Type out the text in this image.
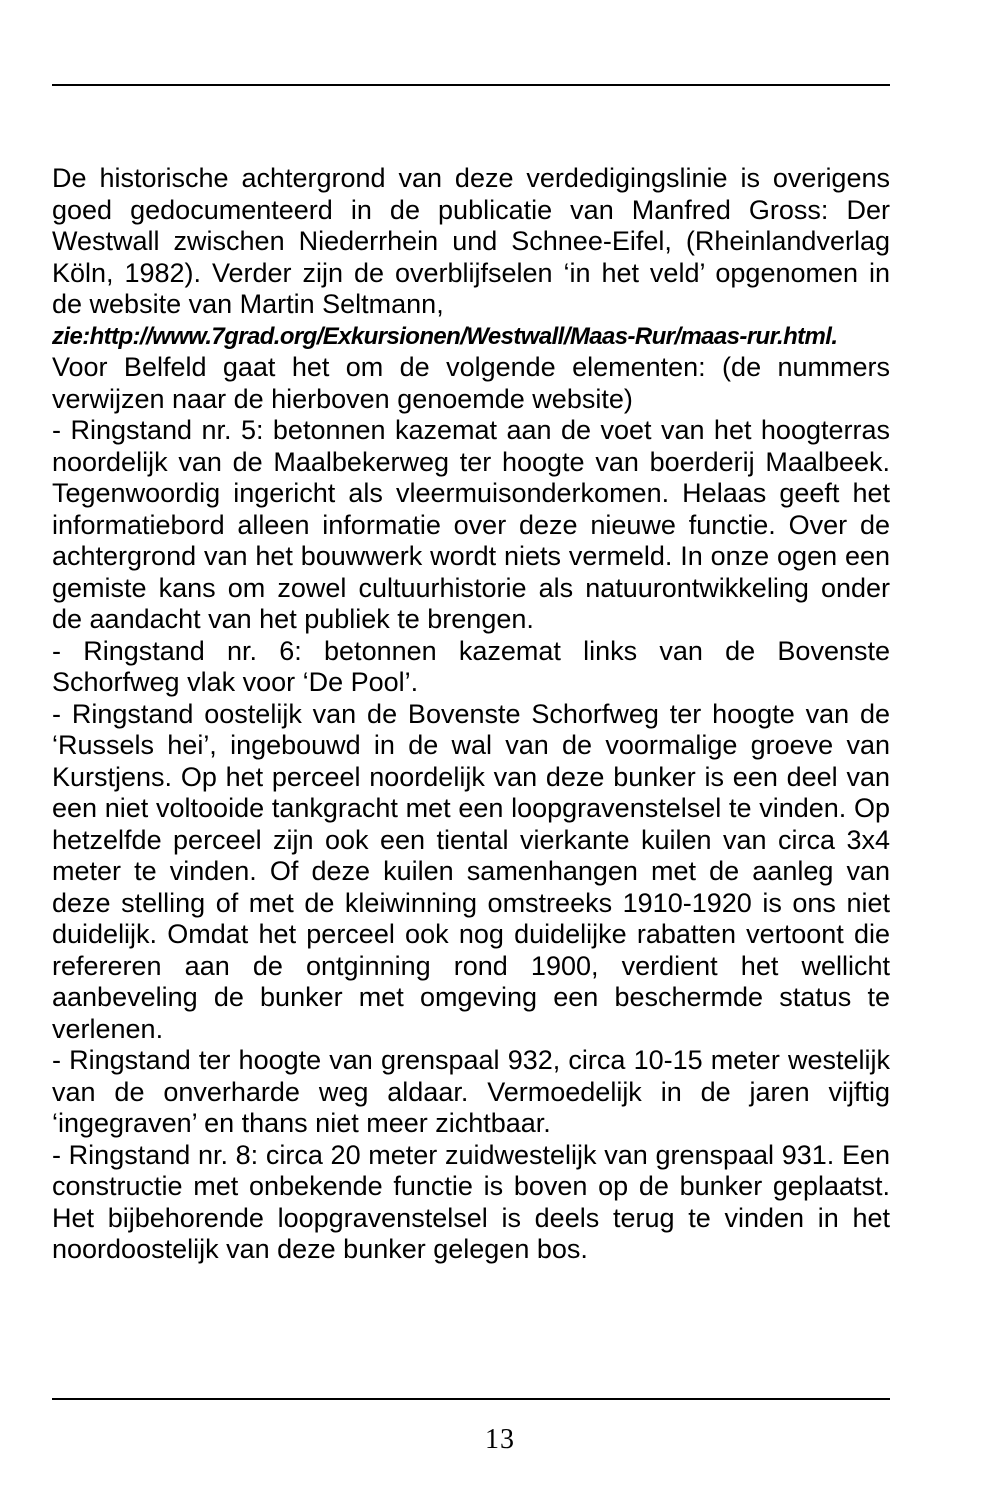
De historische achtergrond van deze verdedigingslinie is overigens goed gedocumenteerd in de publicatie van Manfred Gross: Der Westwall zwischen Niederrhein und Schnee-Eifel, (Rheinlandverlag Köln, 1982). Verder zijn de overblijfselen ‘in het veld’ opgenomen in de website van Martin Seltmann,

zie:http://www.7grad.org/Exkursionen/Westwall/Maas-Rur/maas-rur.html.

Voor Belfeld gaat het om de volgende elementen: (de nummers verwijzen naar de hierboven genoemde website)

- Ringstand nr. 5: betonnen kazemat aan de voet van het hoogterras noordelijk van de Maalbekerweg ter hoogte van boerderij Maalbeek. Tegenwoordig ingericht als vleermuisonderkomen. Helaas geeft het informatiebord alleen informatie over deze nieuwe functie. Over de achtergrond van het bouwwerk wordt niets vermeld. In onze ogen een gemiste kans om zowel cultuurhistorie als natuurontwikkeling onder de aandacht van het publiek te brengen.

- Ringstand nr. 6: betonnen kazemat links van de Bovenste Schorfweg vlak voor ‘De Pool’.

- Ringstand oostelijk van de Bovenste Schorfweg ter hoogte van de ‘Russels hei’, ingebouwd in de wal van de voormalige groeve van Kurstjens. Op het perceel noordelijk van deze bunker is een deel van een niet voltooide tankgracht met een loopgravenstelsel te vinden. Op hetzelfde perceel zijn ook een tiental vierkante kuilen van circa 3x4 meter te vinden. Of deze kuilen samenhangen met de aanleg van deze stelling of met de kleiwinning omstreeks 1910-1920 is ons niet duidelijk. Omdat het perceel ook nog duidelijke rabatten vertoont die refereren aan de ontginning rond 1900, verdient het wellicht aanbeveling de bunker met omgeving een beschermde status te verlenen.

- Ringstand ter hoogte van grenspaal 932, circa 10-15 meter westelijk van de onverharde weg aldaar. Vermoedelijk in de jaren vijftig ‘ingegraven’ en thans niet meer zichtbaar.

- Ringstand nr. 8: circa 20 meter zuidwestelijk van grenspaal 931. Een constructie met onbekende functie is boven op de bunker geplaatst. Het bijbehorende loopgravenstelsel is deels terug te vinden in het noordoostelijk van deze bunker gelegen bos.

13
